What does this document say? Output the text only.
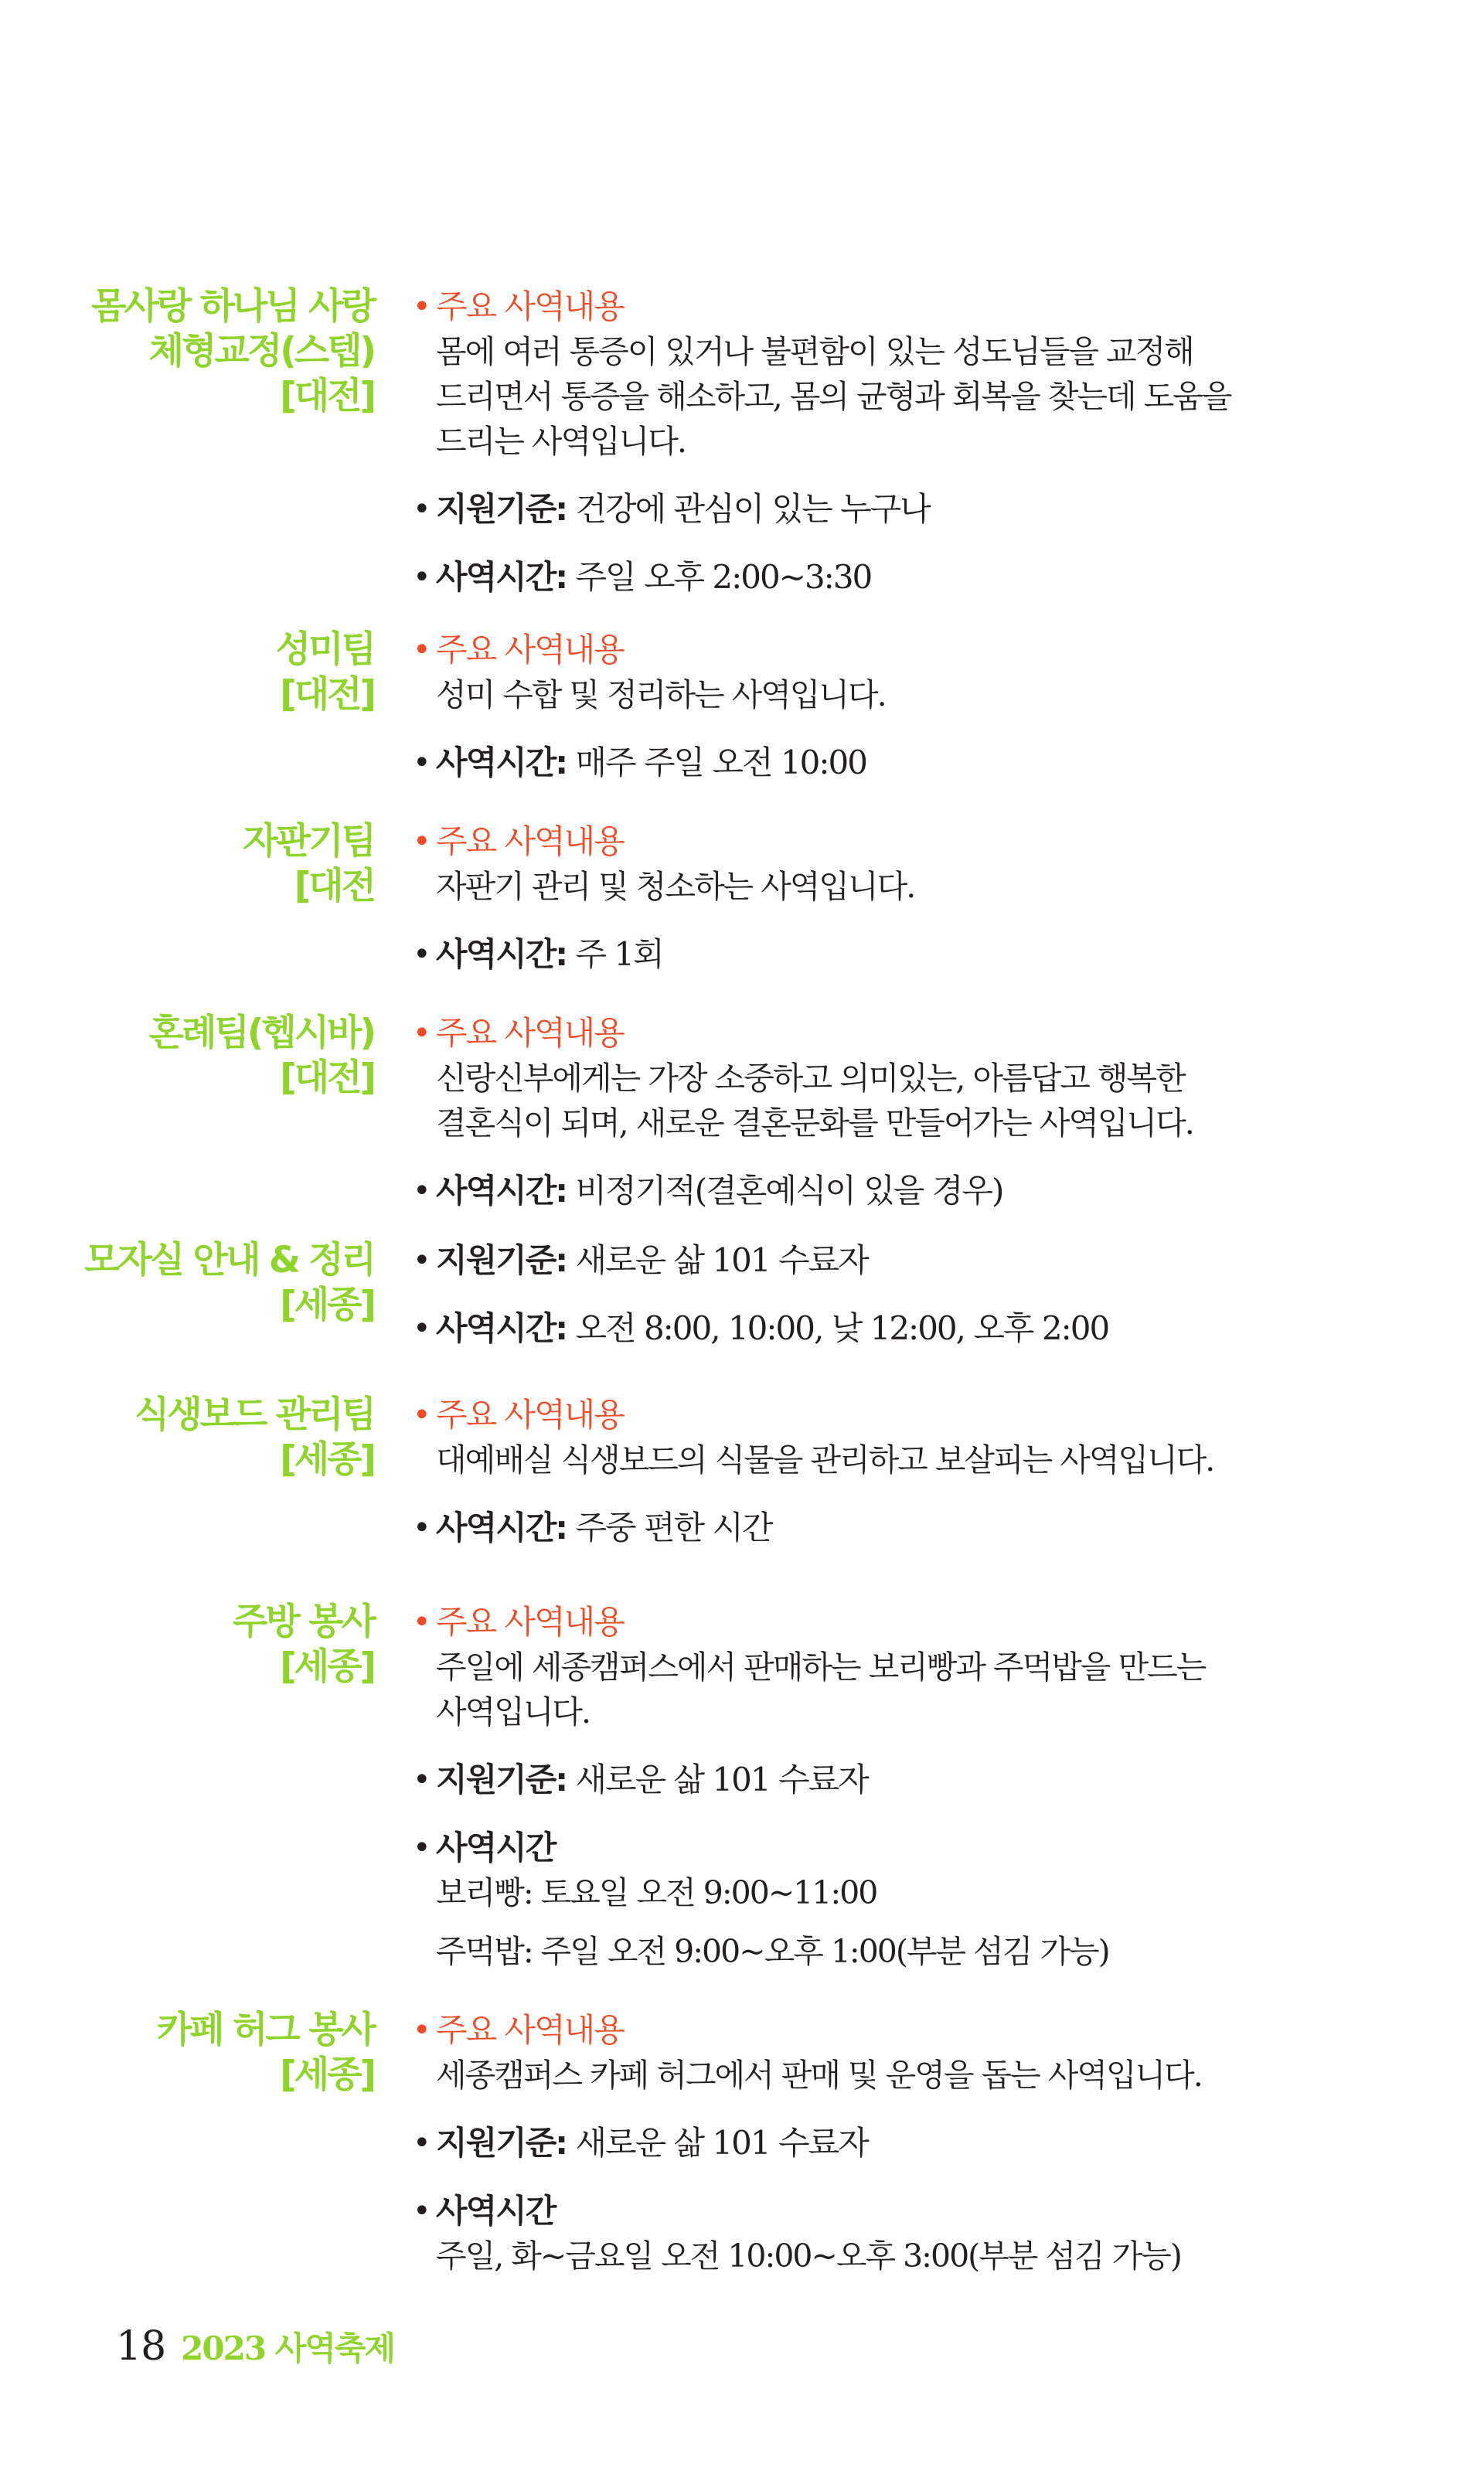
몸사랑 하나님 사랑
체형교정(스텝)
[대전]
• 주요 사역내용
몸에 여러 통증이 있거나 불편함이 있는 성도님들을 교정해
드리면서 통증을 해소하고, 몸의 균형과 회복을 찾는데 도움을
드리는 사역입니다.
• 지원기준: 건강에 관심이 있는 누구나
• 사역시간: 주일 오후 2:00~3:30
성미팀
[대전]
• 주요 사역내용
성미 수합 및 정리하는 사역입니다.
• 사역시간: 매주 주일 오전 10:00
자판기팀
[대전
• 주요 사역내용
자판기 관리 및 청소하는 사역입니다.
• 사역시간: 주 1회
혼례팀(헵시바)
[대전]
• 주요 사역내용
신랑신부에게는 가장 소중하고 의미있는, 아름답고 행복한
결혼식이 되며, 새로운 결혼문화를 만들어가는 사역입니다.
• 사역시간: 비정기적(결혼예식이 있을 경우)
모자실 안내 & 정리
[세종]
• 지원기준: 새로운 삶 101 수료자
• 사역시간: 오전 8:00, 10:00, 낮 12:00, 오후 2:00
식생보드 관리팀
[세종]
• 주요 사역내용
대예배실 식생보드의 식물을 관리하고 보살피는 사역입니다.
• 사역시간: 주중 편한 시간
주방 봉사
[세종]
• 주요 사역내용
주일에 세종캠퍼스에서 판매하는 보리빵과 주먹밥을 만드는
사역입니다.
• 지원기준: 새로운 삶 101 수료자
• 사역시간
보리빵: 토요일 오전 9:00~11:00
주먹밥: 주일 오전 9:00~오후 1:00(부분 섬김 가능)
카페 허그 봉사
[세종]
• 주요 사역내용
세종캠퍼스 카페 허그에서 판매 및 운영을 돕는 사역입니다.
• 지원기준: 새로운 삶 101 수료자
• 사역시간
주일, 화~금요일 오전 10:00~오후 3:00(부분 섬김 가능)
18 2023 사역축제
